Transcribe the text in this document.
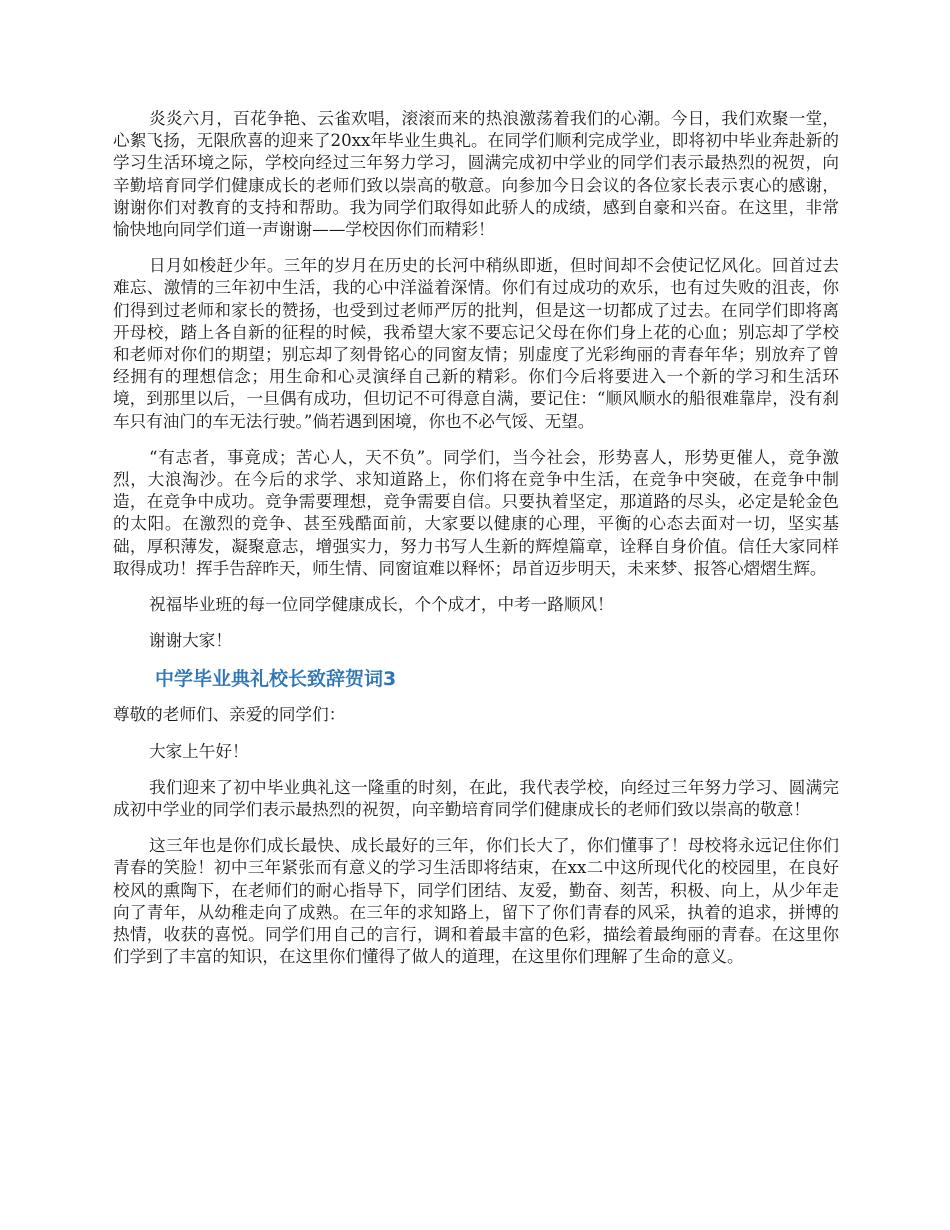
炎炎六月，百花争艳、云雀欢唱，滚滚而来的热浪激荡着我们的心潮。今日，我们欢聚一堂，心絮飞扬，无限欣喜的迎来了20xx年毕业生典礼。在同学们顺利完成学业，即将初中毕业奔赴新的学习生活环境之际，学校向经过三年努力学习，圆满完成初中学业的同学们表示最热烈的祝贺，向辛勤培育同学们健康成长的老师们致以崇高的敬意。向参加今日会议的各位家长表示衷心的感谢，谢谢你们对教育的支持和帮助。我为同学们取得如此骄人的成绩，感到自豪和兴奋。在这里，非常愉快地向同学们道一声谢谢——学校因你们而精彩！

日月如梭赶少年。三年的岁月在历史的长河中稍纵即逝，但时间却不会使记忆风化。回首过去难忘、激情的三年初中生活，我的心中洋溢着深情。你们有过成功的欢乐，也有过失败的沮丧，你们得到过老师和家长的赞扬，也受到过老师严厉的批判，但是这一切都成了过去。在同学们即将离开母校，踏上各自新的征程的时候，我希望大家不要忘记父母在你们身上花的心血；别忘却了学校和老师对你们的期望；别忘却了刻骨铭心的同窗友情；别虚度了光彩绚丽的青春年华；别放弃了曾经拥有的理想信念；用生命和心灵演绎自己新的精彩。你们今后将要进入一个新的学习和生活环境，到那里以后，一旦偶有成功，但切记不可得意自满，要记住：“顺风顺水的船很难靠岸，没有刹车只有油门的车无法行驶。”倘若遇到困境，你也不必气馁、无望。

“有志者，事竟成；苦心人，天不负”。同学们，当今社会，形势喜人，形势更催人，竞争激烈，大浪淘沙。在今后的求学、求知道路上，你们将在竞争中生活，在竞争中突破，在竞争中制造，在竞争中成功。竞争需要理想，竞争需要自信。只要执着坚定，那道路的尽头，必定是轮金色的太阳。在激烈的竞争、甚至残酷面前，大家要以健康的心理，平衡的心态去面对一切，坚实基础，厚积薄发，凝聚意志，增强实力，努力书写人生新的辉煌篇章，诠释自身价值。信任大家同样取得成功！挥手告辞昨天，师生情、同窗谊难以释怀；昂首迈步明天，未来梦、报答心熠熠生辉。

祝福毕业班的每一位同学健康成长，个个成才，中考一路顺风！

谢谢大家！

中学毕业典礼校长致辞贺词3

尊敬的老师们、亲爱的同学们：

大家上午好！

我们迎来了初中毕业典礼这一隆重的时刻，在此，我代表学校，向经过三年努力学习、圆满完成初中学业的同学们表示最热烈的祝贺，向辛勤培育同学们健康成长的老师们致以崇高的敬意！

这三年也是你们成长最快、成长最好的三年，你们长大了，你们懂事了！母校将永远记住你们青春的笑脸！初中三年紧张而有意义的学习生活即将结束，在xx二中这所现代化的校园里，在良好校风的熏陶下，在老师们的耐心指导下，同学们团结、友爱，勤奋、刻苦，积极、向上，从少年走向了青年，从幼稚走向了成熟。在三年的求知路上，留下了你们青春的风采，执着的追求，拼博的热情，收获的喜悦。同学们用自己的言行，调和着最丰富的色彩，描绘着最绚丽的青春。在这里你们学到了丰富的知识，在这里你们懂得了做人的道理，在这里你们理解了生命的意义。
